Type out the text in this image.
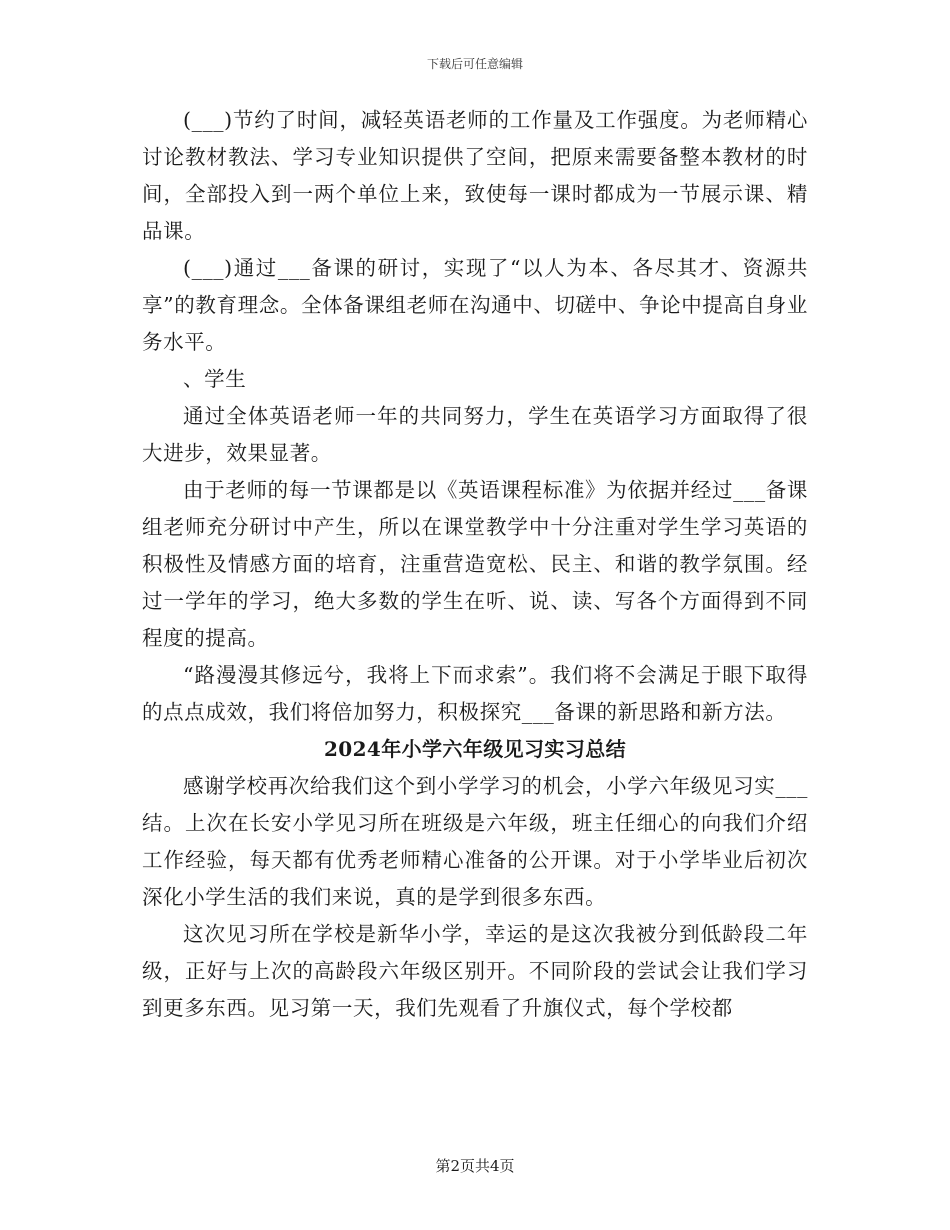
下载后可任意编辑

(___)节约了时间，减轻英语老师的工作量及工作强度。为老师精心讨论教材教法、学习专业知识提供了空间，把原来需要备整本教材的时间，全部投入到一两个单位上来，致使每一课时都成为一节展示课、精品课。

(___)通过___备课的研讨，实现了“以人为本、各尽其才、资源共享”的教育理念。全体备课组老师在沟通中、切磋中、争论中提高自身业务水平。

、学生

通过全体英语老师一年的共同努力，学生在英语学习方面取得了很大进步，效果显著。

由于老师的每一节课都是以《英语课程标准》为依据并经过___备课组老师充分研讨中产生，所以在课堂教学中十分注重对学生学习英语的积极性及情感方面的培育，注重营造宽松、民主、和谐的教学氛围。经过一学年的学习，绝大多数的学生在听、说、读、写各个方面得到不同程度的提高。

“路漫漫其修远兮，我将上下而求索”。我们将不会满足于眼下取得的点点成效，我们将倍加努力，积极探究___备课的新思路和新方法。

2024年小学六年级见习实习总结

感谢学校再次给我们这个到小学学习的机会，小学六年级见习实___结。上次在长安小学见习所在班级是六年级，班主任细心的向我们介绍工作经验，每天都有优秀老师精心准备的公开课。对于小学毕业后初次深化小学生活的我们来说，真的是学到很多东西。

这次见习所在学校是新华小学，幸运的是这次我被分到低龄段二年级，正好与上次的高龄段六年级区别开。不同阶段的尝试会让我们学习到更多东西。见习第一天，我们先观看了升旗仪式，每个学校都

第2页共4页
